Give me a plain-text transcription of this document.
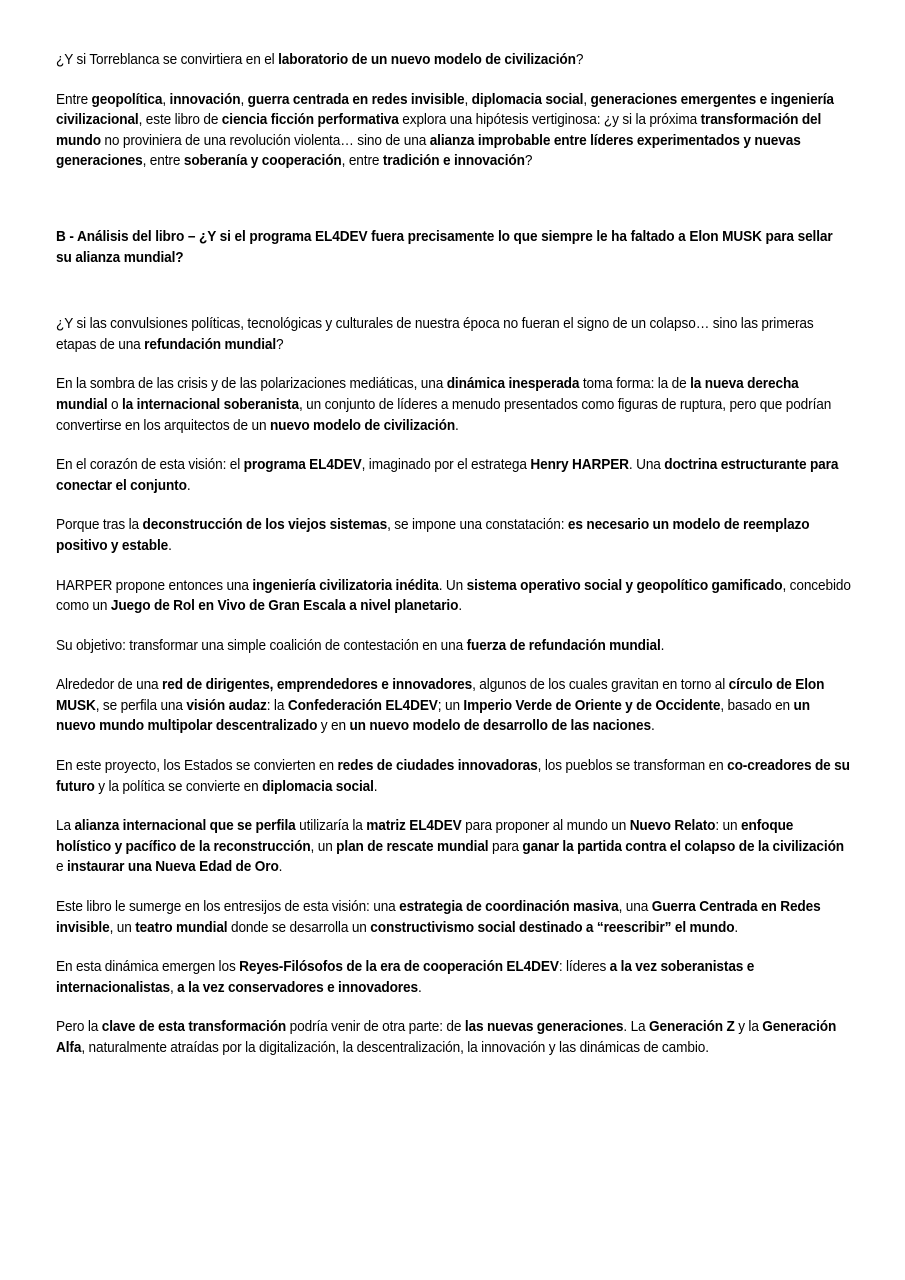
¿Y si Torreblanca se convirtiera en el laboratorio de un nuevo modelo de civilización?

Entre geopolítica, innovación, guerra centrada en redes invisible, diplomacia social, generaciones emergentes e ingeniería civilizacional, este libro de ciencia ficción performativa explora una hipótesis vertiginosa: ¿y si la próxima transformación del mundo no proviniera de una revolución violenta… sino de una alianza improbable entre líderes experimentados y nuevas generaciones, entre soberanía y cooperación, entre tradición e innovación?

B - Análisis del libro – ¿Y si el programa EL4DEV fuera precisamente lo que siempre le ha faltado a Elon MUSK para sellar su alianza mundial?

¿Y si las convulsiones políticas, tecnológicas y culturales de nuestra época no fueran el signo de un colapso… sino las primeras etapas de una refundación mundial?

En la sombra de las crisis y de las polarizaciones mediáticas, una dinámica inesperada toma forma: la de la nueva derecha mundial o la internacional soberanista, un conjunto de líderes a menudo presentados como figuras de ruptura, pero que podrían convertirse en los arquitectos de un nuevo modelo de civilización.

En el corazón de esta visión: el programa EL4DEV, imaginado por el estratega Henry HARPER. Una doctrina estructurante para conectar el conjunto.

Porque tras la deconstrucción de los viejos sistemas, se impone una constatación: es necesario un modelo de reemplazo positivo y estable.

HARPER propone entonces una ingeniería civilizatoria inédita. Un sistema operativo social y geopolítico gamificado, concebido como un Juego de Rol en Vivo de Gran Escala a nivel planetario.

Su objetivo: transformar una simple coalición de contestación en una fuerza de refundación mundial.

Alrededor de una red de dirigentes, emprendedores e innovadores, algunos de los cuales gravitan en torno al círculo de Elon MUSK, se perfila una visión audaz: la Confederación EL4DEV; un Imperio Verde de Oriente y de Occidente, basado en un nuevo mundo multipolar descentralizado y en un nuevo modelo de desarrollo de las naciones.

En este proyecto, los Estados se convierten en redes de ciudades innovadoras, los pueblos se transforman en co-creadores de su futuro y la política se convierte en diplomacia social.

La alianza internacional que se perfila utilizaría la matriz EL4DEV para proponer al mundo un Nuevo Relato: un enfoque holístico y pacífico de la reconstrucción, un plan de rescate mundial para ganar la partida contra el colapso de la civilización e instaurar una Nueva Edad de Oro.

Este libro le sumerge en los entresijos de esta visión: una estrategia de coordinación masiva, una Guerra Centrada en Redes invisible, un teatro mundial donde se desarrolla un constructivismo social destinado a “reescribir” el mundo.

En esta dinámica emergen los Reyes-Filósofos de la era de cooperación EL4DEV: líderes a la vez soberanistas e internacionalistas, a la vez conservadores e innovadores.

Pero la clave de esta transformación podría venir de otra parte: de las nuevas generaciones. La Generación Z y la Generación Alfa, naturalmente atraídas por la digitalización, la descentralización, la innovación y las dinámicas de cambio.
